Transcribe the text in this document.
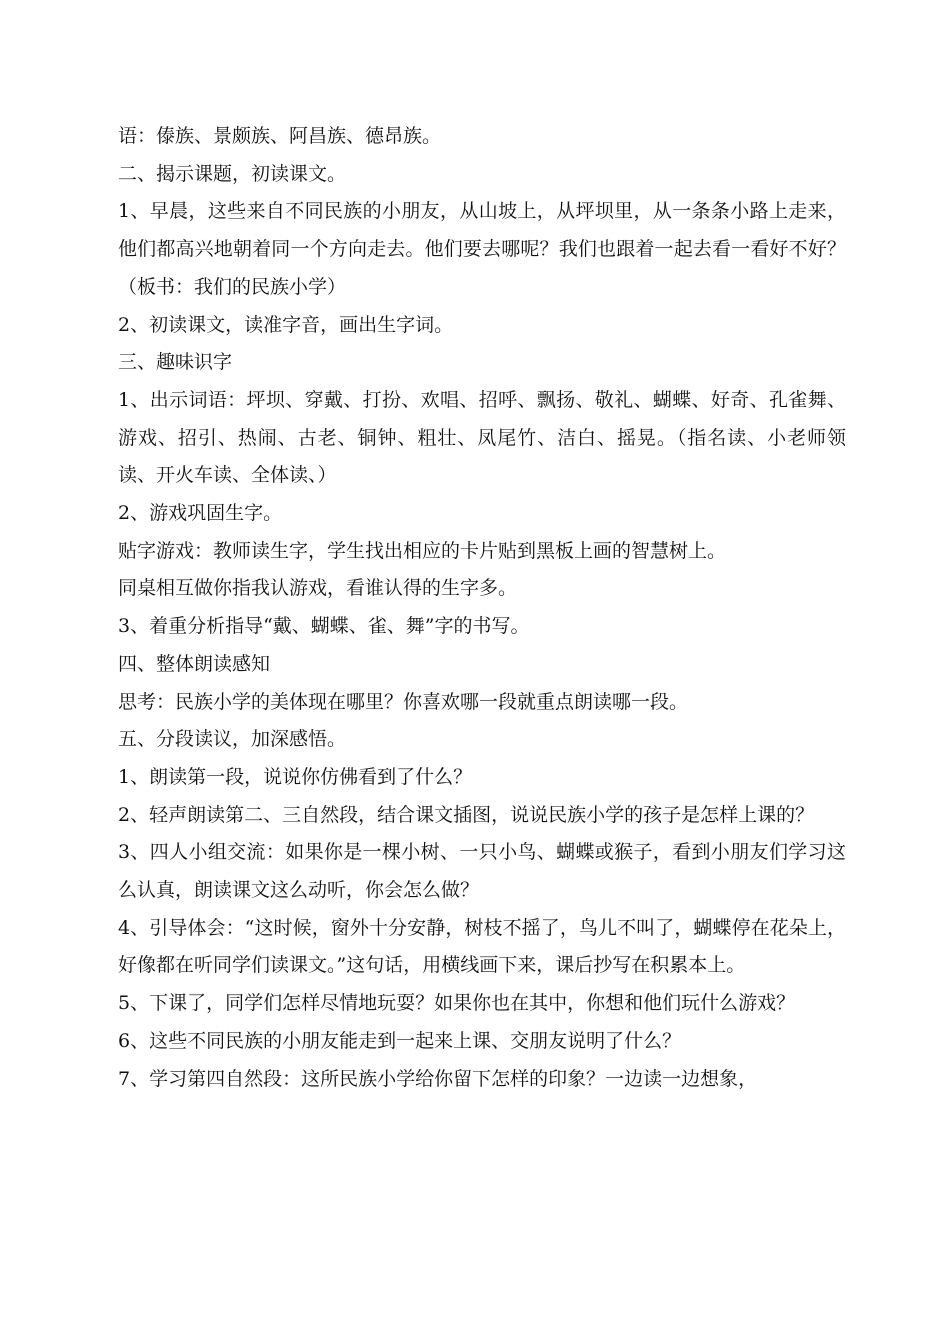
语：傣族、景颇族、阿昌族、德昂族。

二、揭示课题，初读课文。

1、早晨，这些来自不同民族的小朋友，从山坡上，从坪坝里，从一条条小路上走来，他们都高兴地朝着同一个方向走去。他们要去哪呢？我们也跟着一起去看一看好不好？（板书：我们的民族小学）

2、初读课文，读准字音，画出生字词。

三、趣味识字

1、出示词语：坪坝、穿戴、打扮、欢唱、招呼、飘扬、敬礼、蝴蝶、好奇、孔雀舞、游戏、招引、热闹、古老、铜钟、粗壮、凤尾竹、洁白、摇晃。（指名读、小老师领读、开火车读、全体读、）

2、游戏巩固生字。

贴字游戏：教师读生字，学生找出相应的卡片贴到黑板上画的智慧树上。

同桌相互做你指我认游戏，看谁认得的生字多。

3、着重分析指导“戴、蝴蝶、雀、舞”字的书写。

四、整体朗读感知

思考：民族小学的美体现在哪里？你喜欢哪一段就重点朗读哪一段。

五、分段读议，加深感悟。

1、朗读第一段，说说你仿佛看到了什么？

2、轻声朗读第二、三自然段，结合课文插图，说说民族小学的孩子是怎样上课的？

3、四人小组交流：如果你是一棵小树、一只小鸟、蝴蝶或猴子，看到小朋友们学习这么认真，朗读课文这么动听，你会怎么做？

4、引导体会：“这时候，窗外十分安静，树枝不摇了，鸟儿不叫了，蝴蝶停在花朵上，好像都在听同学们读课文。”这句话，用横线画下来，课后抄写在积累本上。

5、下课了，同学们怎样尽情地玩耍？如果你也在其中，你想和他们玩什么游戏？

6、这些不同民族的小朋友能走到一起来上课、交朋友说明了什么？

7、学习第四自然段：这所民族小学给你留下怎样的印象？一边读一边想象，
